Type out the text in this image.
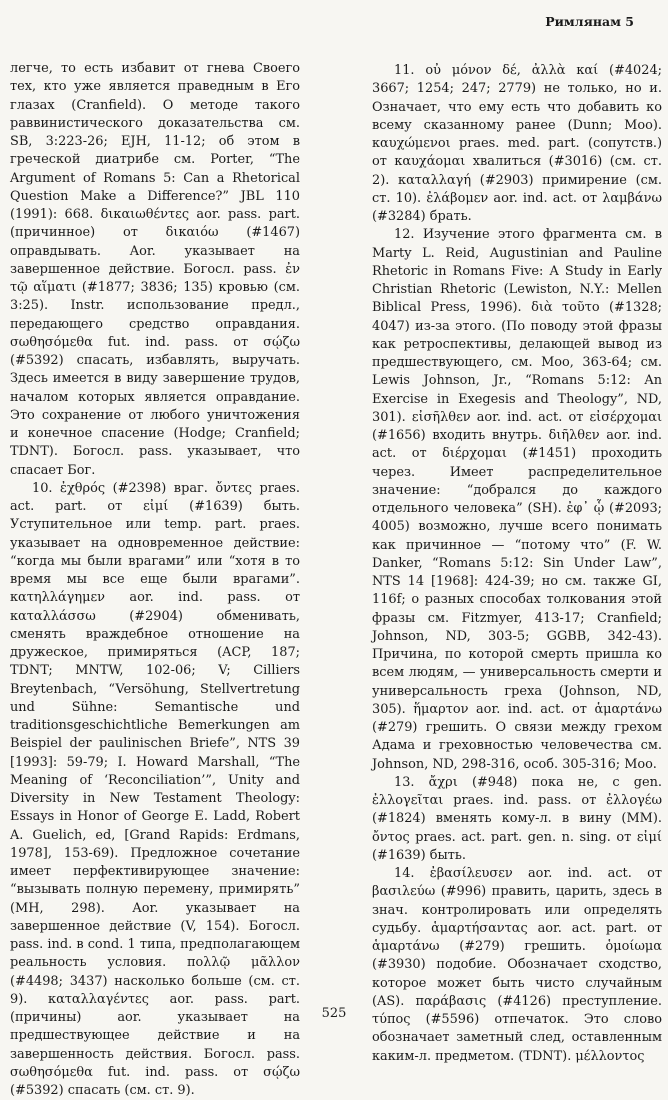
Римлянам 5

легче, то есть избавит от гнева Своего тех, кто уже является праведным в Его глазах (Cranfield). О методе такого раввинистического доказательства см. SB, 3:223-26; EJH, 11-12; об этом в греческой диатрибе см. Porter, “The Argument of Romans 5: Can a Rhetorical Question Make a Difference?” JBL 110 (1991): 668. δικαιωθέντες aor. pass. part. (причинное) от δικαιόω (#1467) оправдывать. Aor. указывает на завершенное действие. Богосл. pass. ἐν τῷ αἵματι (#1877; 3836; 135) кровью (см. 3:25). Instr. использование предл., передающего средство оправдания. σωθησόμεθα fut. ind. pass. от σῴζω (#5392) спасать, избавлять, выручать. Здесь имеется в виду завершение трудов, началом которых является оправдание. Это сохранение от любого уничтожения и конечное спасение (Hodge; Cranfield; TDNT). Богосл. pass. указывает, что спасает Бог.

10. ἐχθρός (#2398) враг. ὄντες praes. act. part. от εἰμί (#1639) быть. Уступительное или temp. part. praes. указывает на одновременное действие: “когда мы были врагами” или “хотя в то время мы все еще были врагами”. κατηλλάγημεν aor. ind. pass. от καταλλάσσω (#2904) обменивать, сменять враждебное отношение на дружеское, примиряться (ACP, 187; TDNT; MNTW, 102-06; V; Cilliers Breytenbach, “Versöhung, Stellvertretung und Sühne: Semantische und traditionsgeschichtliche Bemerkungen am Beispiel der paulinischen Briefe”, NTS 39 [1993]: 59-79; I. Howard Marshall, “The Meaning of ‘Reconciliation’”, Unity and Diversity in New Testament Theology: Essays in Honor of George E. Ladd, Robert A. Guelich, ed, [Grand Rapids: Erdmans, 1978], 153-69). Предложное сочетание имеет перфективирующее значение: “вызывать полную перемену, примирять” (MH, 298). Aor. указывает на завершенное действие (V, 154). Богосл. pass. ind. в cond. 1 типа, предполагающем реальность условия. πολλῷ μᾶλλον (#4498; 3437) насколько больше (см. ст. 9). καταλλαγέντες aor. pass. part. (причины) aor. указывает на предшествующее действие и на завершенность действия. Богосл. pass. σωθησόμεθα fut. ind. pass. от σῴζω (#5392) спасать (см. ст. 9).

11. οὐ μόνον δέ, ἀλλὰ καί (#4024; 3667; 1254; 247; 2779) не только, но и. Означает, что ему есть что добавить ко всему сказанному ранее (Dunn; Moo). καυχώμενοι praes. med. part. (сопутств.) от καυχάομαι хвалиться (#3016) (см. ст. 2). καταλλαγή (#2903) примирение (см. ст. 10). ἐλάβομεν aor. ind. act. от λαμβάνω (#3284) брать.

12. Изучение этого фрагмента см. в Marty L. Reid, Augustinian and Pauline Rhetoric in Romans Five: A Study in Early Christian Rhetoric (Lewiston, N.Y.: Mellen Biblical Press, 1996). διὰ τοῦτο (#1328; 4047) из-за этого. (По поводу этой фразы как ретроспективы, делающей вывод из предшествующего, см. Moo, 363-64; см. Lewis Johnson, Jr., “Romans 5:12: An Exercise in Exegesis and Theology”, ND, 301). εἰσῆλθεν aor. ind. act. от εἰσέρχομαι (#1656) входить внутрь. διῆλθεν aor. ind. act. от διέρχομαι (#1451) проходить через. Имеет распределительное значение: “добрался до каждого отдельного человека” (SH). ἐφ᾽ ᾧ (#2093; 4005) возможно, лучше всего понимать как причинное — “потому что” (F. W. Danker, “Romans 5:12: Sin Under Law”, NTS 14 [1968]: 424-39; но см. также GI, 116f; о разных способах толкования этой фразы см. Fitzmyer, 413-17; Cranfield; Johnson, ND, 303-5; GGBB, 342-43). Причина, по которой смерть пришла ко всем людям, — универсальность смерти и универсальность греха (Johnson, ND, 305). ἥμαρτον aor. ind. act. от ἁμαρτάνω (#279) грешить. О связи между грехом Адама и греховностью человечества см. Johnson, ND, 298-316, особ. 305-316; Moo.

13. ἄχρι (#948) пока не, с gen. ἐλλογεῖται praes. ind. pass. от ἐλλογέω (#1824) вменять кому-л. в вину (MM). ὄντος praes. act. part. gen. n. sing. от εἰμί (#1639) быть.

14. ἐβασίλευσεν aor. ind. act. от βασιλεύω (#996) править, царить, здесь в знач. контролировать или определять судьбу. ἁμαρτήσαντας aor. act. part. от ἁμαρτάνω (#279) грешить. ὁμοίωμα (#3930) подобие. Обозначает сходство, которое может быть чисто случайным (AS). παράβασις (#4126) преступление. τύπος (#5596) отпечаток. Это слово обозначает заметный след, оставленным каким-л. предметом. (TDNT). μέλλοντος

525
